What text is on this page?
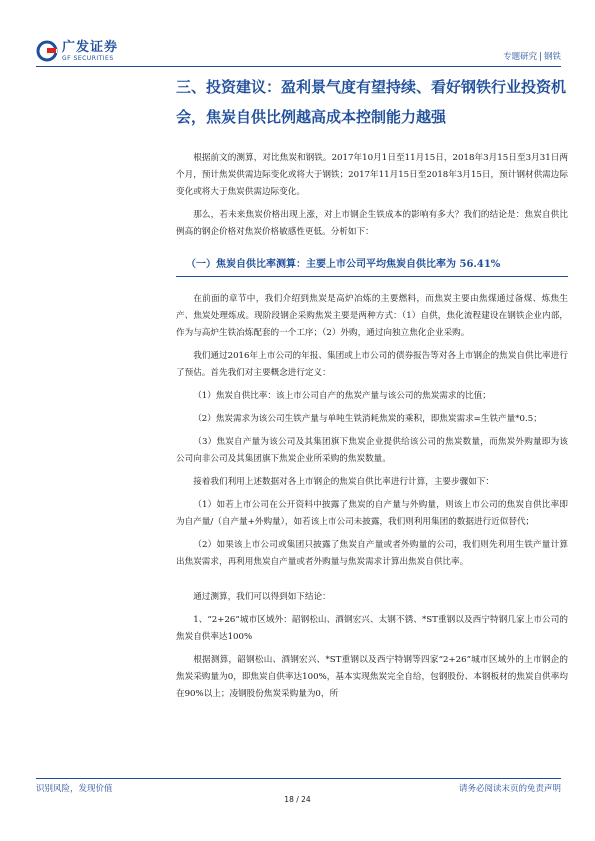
广发证券
GF SECURITIES	专题研究 | 钢铁
三、投资建议：盈利景气度有望持续、看好钢铁行业投资机会，焦炭自供比例越高成本控制能力越强

根据前文的测算，对比焦炭和钢铁。2017年10月1日至11月15日，2018年3月15日至3月31日两个月，预计焦炭供需边际变化或将大于钢铁；2017年11月15日至2018年3月15日，预计钢材供需边际变化或将大于焦炭供需边际变化。

那么，若未来焦炭价格出现上涨，对上市钢企生铁成本的影响有多大？我们的结论是：焦炭自供比例高的钢企价格对焦炭价格敏感性更低。分析如下：

（一）焦炭自供比率测算：主要上市公司平均焦炭自供比率为 56.41%

在前面的章节中，我们介绍到焦炭是高炉冶炼的主要燃料，而焦炭主要由焦煤通过备煤、炼焦生产、焦炭处理炼成。现阶段钢企采购焦炭主要是两种方式：（1）自供，焦化流程建设在钢铁企业内部，作为与高炉生铁冶炼配套的一个工序；（2）外购，通过向独立焦化企业采购。

我们通过2016年上市公司的年报、集团或上市公司的债券报告等对各上市钢企的焦炭自供比率进行了预估。首先我们对主要概念进行定义：

（1）焦炭自供比率：该上市公司自产的焦炭产量与该公司的焦炭需求的比值；

（2）焦炭需求为该公司生铁产量与单吨生铁消耗焦炭的乘积，即焦炭需求=生铁产量*0.5；

（3）焦炭自产量为该公司及其集团旗下焦炭企业提供给该公司的焦炭数量，而焦炭外购量即为该公司向非公司及其集团旗下焦炭企业所采购的焦炭数量。

接着我们利用上述数据对各上市钢企的焦炭自供比率进行计算，主要步骤如下：

（1）如若上市公司在公开资料中披露了焦炭的自产量与外购量，则该上市公司的焦炭自供比率即为自产量/（自产量+外购量），如若该上市公司未披露，我们则利用集团的数据进行近似替代；

（2）如果该上市公司或集团只披露了焦炭自产量或者外购量的公司，我们则先利用生铁产量计算出焦炭需求，再利用焦炭自产量或者外购量与焦炭需求计算出焦炭自供比率。

通过测算，我们可以得到如下结论：

1、“2+26”城市区域外：韶钢松山、酒钢宏兴、太钢不锈、*ST重钢以及西宁特钢几家上市公司的焦炭自供率达100%

根据测算，韶钢松山、酒钢宏兴、*ST重钢以及西宁特钢等四家“2+26”城市区域外的上市钢企的焦炭采购量为0，即焦炭自供率达100%，基本实现焦炭完全自给，包钢股份、本钢板材的焦炭自供率均在90%以上；凌钢股份焦炭采购量为0，所

识别风险，发现价值	请务必阅读末页的免责声明
18 / 24
